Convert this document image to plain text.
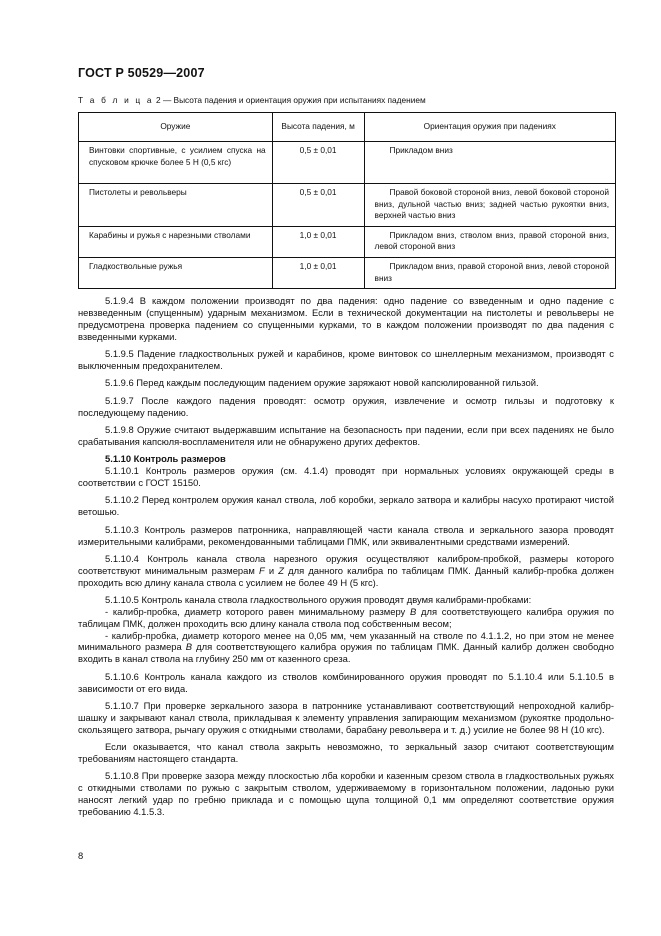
ГОСТ Р 50529—2007
Т а б л и ц а 2 — Высота падения и ориентация оружия при испытаниях падением
Оружие	Высота падения, м	Ориентация оружия при падениях
Винтовки спортивные, с усилием спуска на спусковом крючке более 5 Н (0,5 кгс)	0,5 ± 0,01	Прикладом вниз
Пистолеты и револьверы	0,5 ± 0,01	Правой боковой стороной вниз, левой боковой стороной вниз, дульной частью вниз; задней частью рукоятки вниз, верхней частью вниз
Карабины и ружья с нарезными стволами	1,0 ± 0,01	Прикладом вниз, стволом вниз, правой стороной вниз, левой стороной вниз
Гладкоствольные ружья	1,0 ± 0,01	Прикладом вниз, правой стороной вниз, левой стороной вниз

5.1.9.4 В каждом положении производят по два падения: одно падение со взведенным и одно падение с невзведенным (спущенным) ударным механизмом. Если в технической документации на пистолеты и револьверы не предусмотрена проверка падением со спущенными курками, то в каждом положении производят по два падения с взведенными курками.

5.1.9.5 Падение гладкоствольных ружей и карабинов, кроме винтовок со шнеллерным механизмом, производят с выключенным предохранителем.

5.1.9.6 Перед каждым последующим падением оружие заряжают новой капсюлированной гильзой.

5.1.9.7 После каждого падения проводят: осмотр оружия, извлечение и осмотр гильзы и подготовку к последующему падению.

5.1.9.8 Оружие считают выдержавшим испытание на безопасность при падении, если при всех падениях не было срабатывания капсюля-воспламенителя или не обнаружено других дефектов.

5.1.10 Контроль размеров

5.1.10.1 Контроль размеров оружия (см. 4.1.4) проводят при нормальных условиях окружающей среды в соответствии с ГОСТ 15150.

5.1.10.2 Перед контролем оружия канал ствола, лоб коробки, зеркало затвора и калибры насухо протирают чистой ветошью.

5.1.10.3 Контроль размеров патронника, направляющей части канала ствола и зеркального зазора проводят измерительными калибрами, рекомендованными таблицами ПМК, или эквивалентными средствами измерений.

5.1.10.4 Контроль канала ствола нарезного оружия осуществляют калибром-пробкой, размеры которого соответствуют минимальным размерам F и Z для данного калибра по таблицам ПМК. Данный калибр-пробка должен проходить всю длину канала ствола с усилием не более 49 Н (5 кгс).

5.1.10.5 Контроль канала ствола гладкоствольного оружия проводят двумя калибрами-пробками:

- калибр-пробка, диаметр которого равен минимальному размеру B для соответствующего калибра оружия по таблицам ПМК, должен проходить всю длину канала ствола под собственным весом;

- калибр-пробка, диаметр которого менее на 0,05 мм, чем указанный на стволе по 4.1.1.2, но при этом не менее минимального размера B для соответствующего калибра оружия по таблицам ПМК. Данный калибр должен свободно входить в канал ствола на глубину 250 мм от казенного среза.

5.1.10.6 Контроль канала каждого из стволов комбинированного оружия проводят по 5.1.10.4 или 5.1.10.5 в зависимости от его вида.

5.1.10.7 При проверке зеркального зазора в патроннике устанавливают соответствующий непроходной калибр-шашку и закрывают канал ствола, прикладывая к элементу управления запирающим механизмом (рукоятке продольно-скользящего затвора, рычагу оружия с откидными стволами, барабану револьвера и т. д.) усилие не более 98 Н (10 кгс).

Если оказывается, что канал ствола закрыть невозможно, то зеркальный зазор считают соответствующим требованиям настоящего стандарта.

5.1.10.8 При проверке зазора между плоскостью лба коробки и казенным срезом ствола в гладкоствольных ружьях с откидными стволами по ружью с закрытым стволом, удерживаемому в горизонтальном положении, ладонью руки наносят легкий удар по гребню приклада и с помощью щупа толщиной 0,1 мм определяют соответствие оружия требованию 4.1.5.3.

8
